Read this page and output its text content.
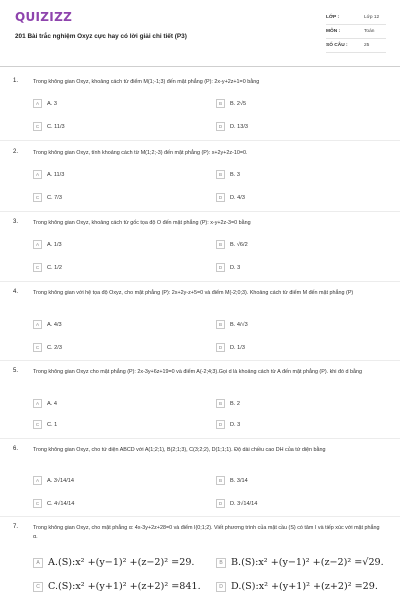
QUIZIZZ
201 Bài trắc nghiệm Oxyz cực hay có lời giải chi tiết (P3)
LỚP :	Lớp 12
MÔN :	Toán
SỐ CÂU :	25
1.	Trong không gian Oxyz, khoảng cách từ điểm M(1;-1;3) đến mặt phẳng (P): 2x-y+2z+1=0 bằng
A	A. 3	B	B. 2√5
C	C. 11/3	D	D. 13/3
2.	Trong không gian Oxyz, tính khoảng cách từ M(1;2;-3) đến mặt phẳng (P): x+2y+2z-10=0.
A	A. 11/3	B	B. 3
C	C. 7/3	D	D. 4/3
3.	Trong không gian Oxyz, khoảng cách từ gốc tọa độ O đến mặt phẳng (P): x-y+2z-3=0 bằng
A	A. 1/3	B	B. √6/2
C	C. 1/2	D	D. 3
4.	Trong không gian với hệ tọa độ Oxyz, cho mặt phẳng (P): 2x+2y-z+5=0 và điểm M(-2;0;3). Khoảng cách từ điểm M đến mặt phẳng (P)
A	A. 4/3	B	B. 4/√3
C	C. 2/3	D	D. 1/3
5.	Trong không gian Oxyz cho mặt phẳng (P): 2x-3y+6z+19=0 và điểm A(-2;4;3).Gọi d là khoảng cách từ A đến mặt phẳng (P). khi đó d bằng
A	A. 4	B	B. 2
C	C. 1	D	D. 3
6.	Trong không gian Oxyz, cho tứ diện ABCD với A(1;2;1), B(2;1;3), C(3;2;2), D(1;1;1). Độ dài chiều cao DH của tứ diện bằng
A	A. 3√14/14	B	B. 3/14
C	C. 4√14/14	D	D. 3√14/14
7.	Trong không gian Oxyz, cho mặt phẳng α: 4x-3y+2z+28=0 và điểm I(0;1;2). Viết phương trình của mặt cầu (S) có tâm I và tiếp xúc với mặt phẳng α.
A A.(S):x² +(y−1)² +(z−2)² =29.	B B.(S):x² +(y−1)² +(z−2)² =√29.
C C.(S):x² +(y+1)² +(z+2)² =841.	D D.(S):x² +(y+1)² +(z+2)² =29.
